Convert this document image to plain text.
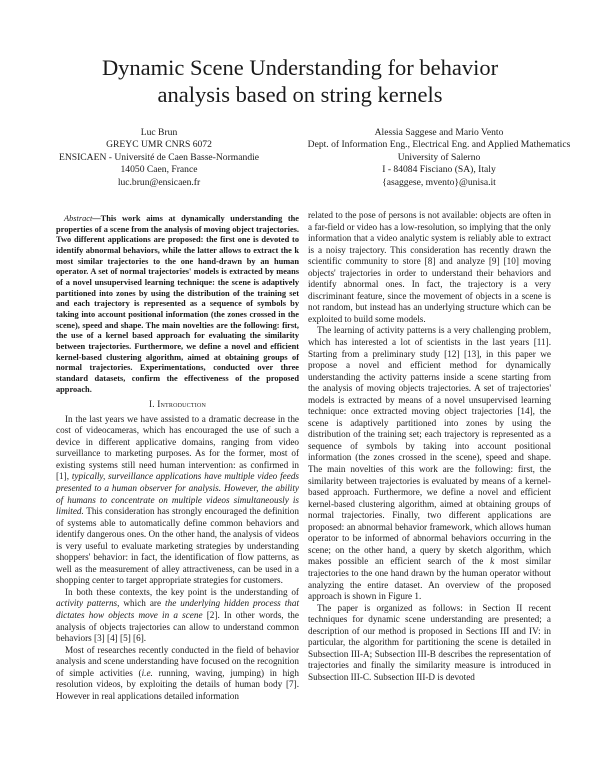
Dynamic Scene Understanding for behavior
analysis based on string kernels
Luc Brun
GREYC UMR CNRS 6072
ENSICAEN - Université de Caen Basse-Normandie
14050 Caen, France
luc.brun@ensicaen.fr
Alessia Saggese and Mario Vento
Dept. of Information Eng., Electrical Eng. and Applied Mathematics
University of Salerno
I - 84084 Fisciano (SA), Italy
{asaggese, mvento}@unisa.it
Abstract—This work aims at dynamically understanding the properties of a scene from the analysis of moving object trajectories. Two different applications are proposed: the first one is devoted to identify abnormal behaviors, while the latter allows to extract the k most similar trajectories to the one hand-drawn by an human operator. A set of normal trajectories' models is extracted by means of a novel unsupervised learning technique: the scene is adaptively partitioned into zones by using the distribution of the training set and each trajectory is represented as a sequence of symbols by taking into account positional information (the zones crossed in the scene), speed and shape. The main novelties are the following: first, the use of a kernel based approach for evaluating the similarity between trajectories. Furthermore, we define a novel and efficient kernel-based clustering algorithm, aimed at obtaining groups of normal trajectories. Experimentations, conducted over three standard datasets, confirm the effectiveness of the proposed approach.
I. Introduction

In the last years we have assisted to a dramatic decrease in the cost of videocameras, which has encouraged the use of such a device in different applicative domains, ranging from video surveillance to marketing purposes. As for the former, most of existing systems still need human intervention: as confirmed in [1], typically, surveillance applications have multiple video feeds presented to a human observer for analysis. However, the ability of humans to concentrate on multiple videos simultaneously is limited. This consideration has strongly encouraged the definition of systems able to automatically define common behaviors and identify dangerous ones. On the other hand, the analysis of videos is very useful to evaluate marketing strategies by understanding shoppers' behavior: in fact, the identification of flow patterns, as well as the measurement of alley attractiveness, can be used in a shopping center to target appropriate strategies for customers.

In both these contexts, the key point is the understanding of activity patterns, which are the underlying hidden process that dictates how objects move in a scene [2]. In other words, the analysis of objects trajectories can allow to understand common behaviors [3] [4] [5] [6].

Most of researches recently conducted in the field of behavior analysis and scene understanding have focused on the recognition of simple activities (i.e. running, waving, jumping) in high resolution videos, by exploiting the details of human body [7]. However in real applications detailed information

related to the pose of persons is not available: objects are often in a far-field or video has a low-resolution, so implying that the only information that a video analytic system is reliably able to extract is a noisy trajectory. This consideration has recently drawn the scientific community to store [8] and analyze [9] [10] moving objects' trajectories in order to understand their behaviors and identify abnormal ones. In fact, the trajectory is a very discriminant feature, since the movement of objects in a scene is not random, but instead has an underlying structure which can be exploited to build some models.

The learning of activity patterns is a very challenging problem, which has interested a lot of scientists in the last years [11]. Starting from a preliminary study [12] [13], in this paper we propose a novel and efficient method for dynamically understanding the activity patterns inside a scene starting from the analysis of moving objects trajectories. A set of trajectories' models is extracted by means of a novel unsupervised learning technique: once extracted moving object trajectories [14], the scene is adaptively partitioned into zones by using the distribution of the training set; each trajectory is represented as a sequence of symbols by taking into account positional information (the zones crossed in the scene), speed and shape. The main novelties of this work are the following: first, the similarity between trajectories is evaluated by means of a kernel-based approach. Furthermore, we define a novel and efficient kernel-based clustering algorithm, aimed at obtaining groups of normal trajectories. Finally, two different applications are proposed: an abnormal behavior framework, which allows human operator to be informed of abnormal behaviors occurring in the scene; on the other hand, a query by sketch algorithm, which makes possible an efficient search of the k most similar trajectories to the one hand drawn by the human operator without analyzing the entire dataset. An overview of the proposed approach is shown in Figure 1.

The paper is organized as follows: in Section II recent techniques for dynamic scene understanding are presented; a description of our method is proposed in Sections III and IV: in particular, the algorithm for partitioning the scene is detailed in Subsection III-A; Subsection III-B describes the representation of trajectories and finally the similarity measure is introduced in Subsection III-C. Subsection III-D is devoted
